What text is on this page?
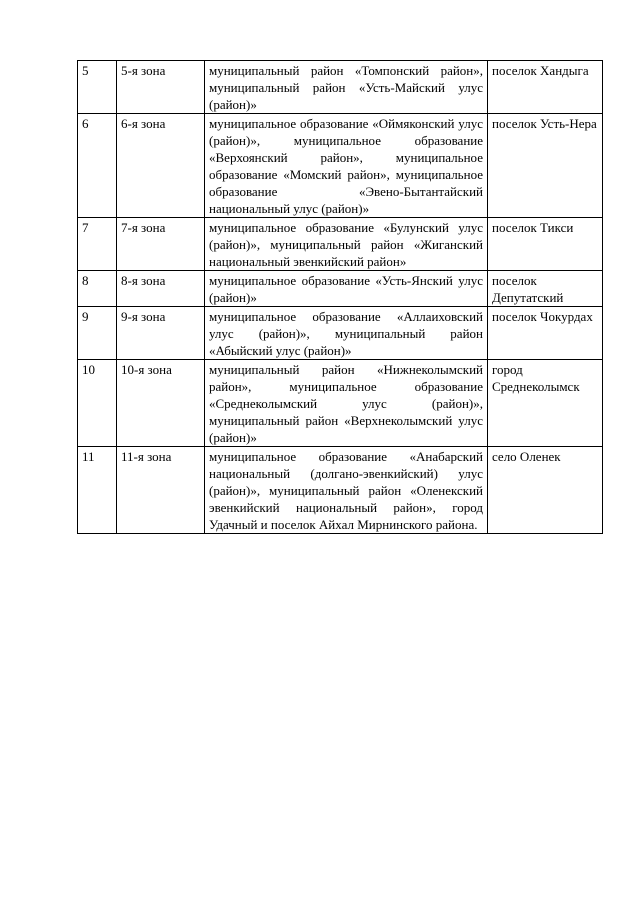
5	5-я зона	муниципальный район «Томпонский район», муниципальный район «Усть-Майский улус (район)»	поселок Хандыга
6	6-я зона	муниципальное образование «Оймяконский улус (район)», муниципальное образование «Верхоянский район», муниципальное образование «Момский район», муниципальное образование «Эвено-Бытантайский национальный улус (район)»	поселок Усть-Нера
7	7-я зона	муниципальное образование «Булунский улус (район)», муниципальный район «Жиганский национальный эвенкийский район»	поселок Тикси
8	8-я зона	муниципальное образование «Усть-Янский улус (район)»	поселок Депутатский
9	9-я зона	муниципальное образование «Аллаиховский улус (район)», муниципальный район «Абыйский улус (район)»	поселок Чокурдах
10	10-я зона	муниципальный район «Нижнеколымский район», муниципальное образование «Среднеколымский улус (район)», муниципальный район «Верхнеколымский улус (район)»	город Среднеколымск
11	11-я зона	муниципальное образование «Анабарский национальный (долгано-эвенкийский) улус (район)», муниципальный район «Оленекский эвенкийский национальный район», город Удачный и поселок Айхал Мирнинского района.	село Оленек
